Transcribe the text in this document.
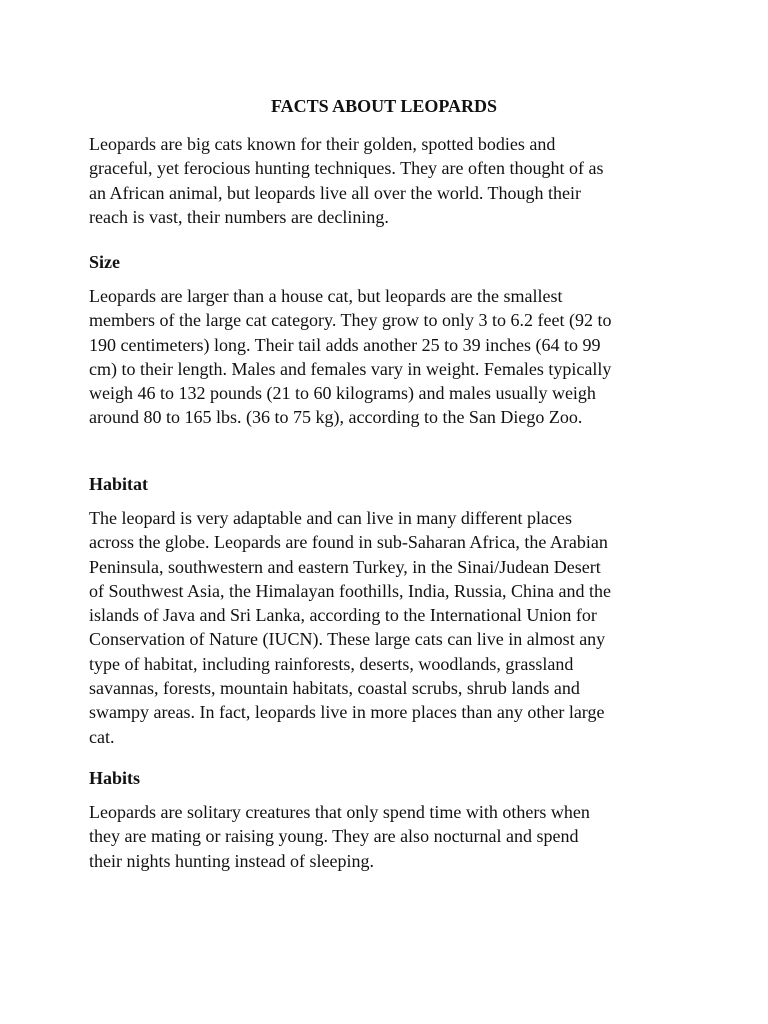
FACTS ABOUT LEOPARDS

Leopards are big cats known for their golden, spotted bodies and
graceful, yet ferocious hunting techniques. They are often thought of as
an African animal, but leopards live all over the world. Though their
reach is vast, their numbers are declining.

Size

Leopards are larger than a house cat, but leopards are the smallest
members of the large cat category. They grow to only 3 to 6.2 feet (92 to
190 centimeters) long. Their tail adds another 25 to 39 inches (64 to 99
cm) to their length. Males and females vary in weight. Females typically
weigh 46 to 132 pounds (21 to 60 kilograms) and males usually weigh
around 80 to 165 lbs. (36 to 75 kg), according to the San Diego Zoo.

Habitat

The leopard is very adaptable and can live in many different places
across the globe. Leopards are found in sub-Saharan Africa, the Arabian
Peninsula, southwestern and eastern Turkey, in the Sinai/Judean Desert
of Southwest Asia, the Himalayan foothills, India, Russia, China and the
islands of Java and Sri Lanka, according to the International Union for
Conservation of Nature (IUCN). These large cats can live in almost any
type of habitat, including rainforests, deserts, woodlands, grassland
savannas, forests, mountain habitats, coastal scrubs, shrub lands and
swampy areas. In fact, leopards live in more places than any other large
cat.

Habits

Leopards are solitary creatures that only spend time with others when
they are mating or raising young. They are also nocturnal and spend
their nights hunting instead of sleeping.
